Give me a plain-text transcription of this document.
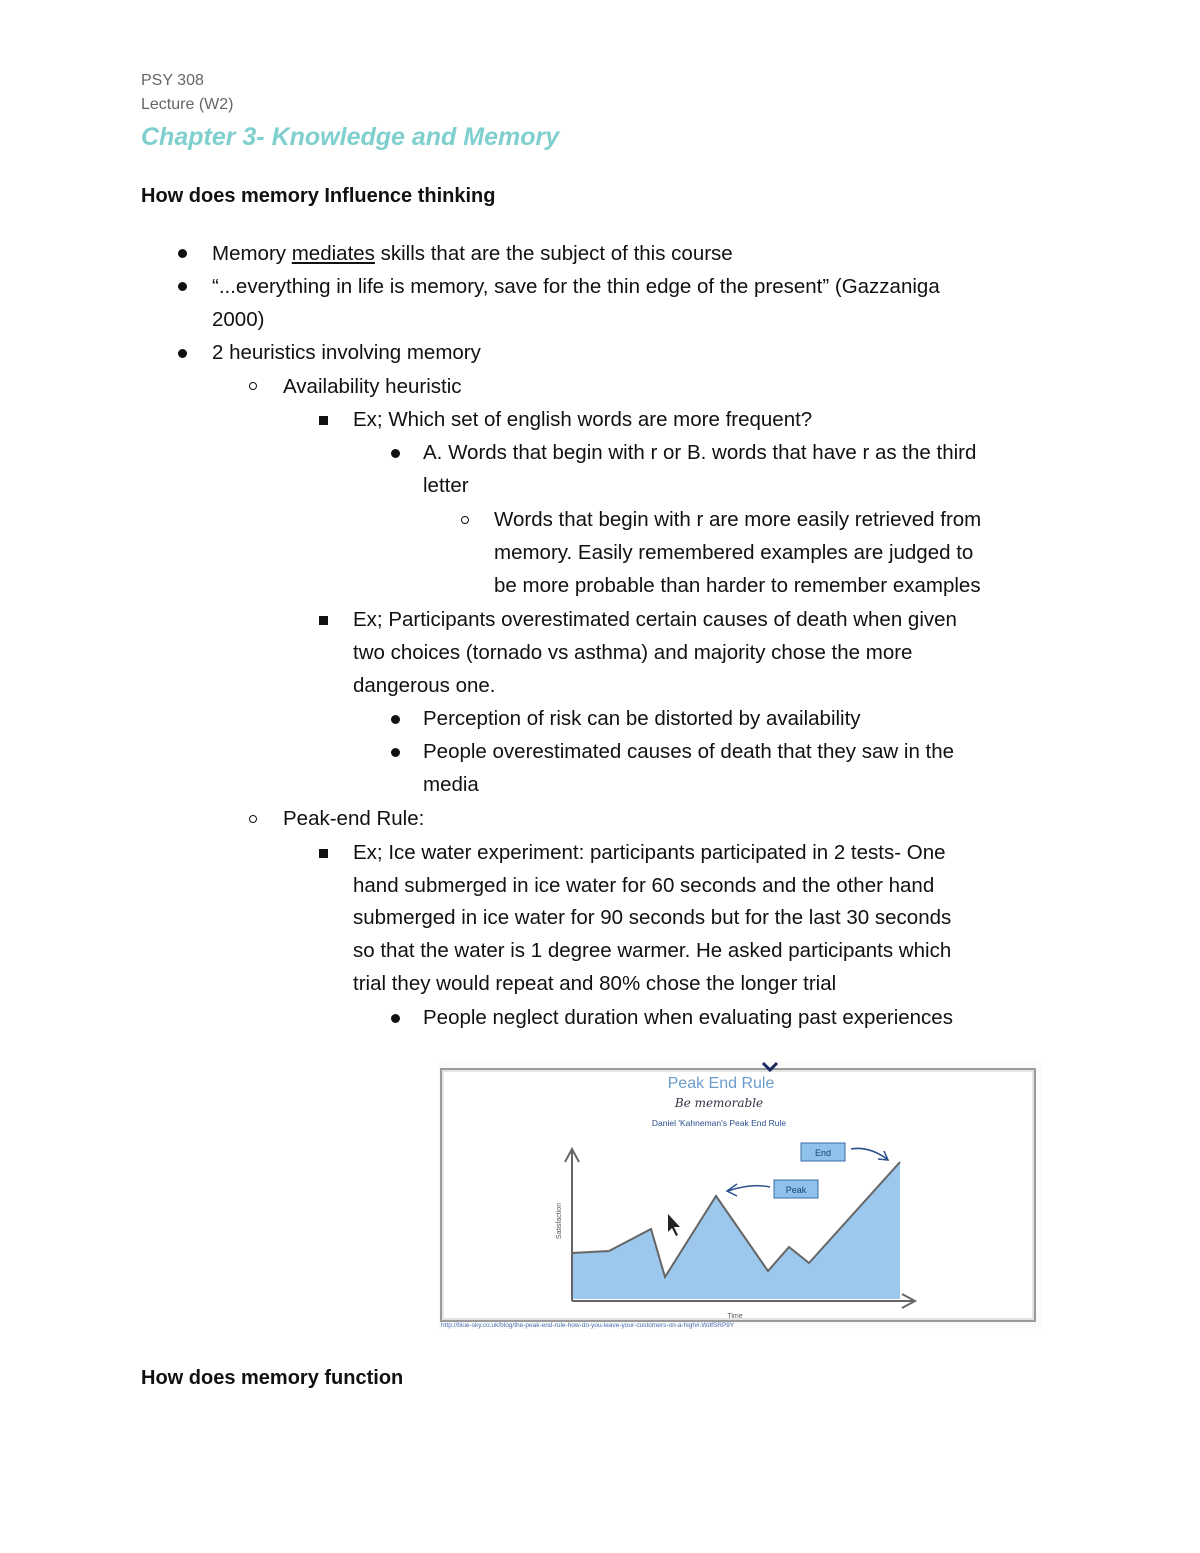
PSY 308
Lecture (W2)
Chapter 3- Knowledge and Memory
How does memory Influence thinking
Memory mediates skills that are the subject of this course
“...everything in life is memory, save for the thin edge of the present” (Gazzaniga
2000)
2 heuristics involving memory
Availability heuristic
Ex; Which set of english words are more frequent?
A. Words that begin with r or B. words that have r as the third
letter
Words that begin with r are more easily retrieved from
memory. Easily remembered examples are judged to
be more probable than harder to remember examples
Ex; Participants overestimated certain causes of death when given
two choices (tornado vs asthma) and majority chose the more
dangerous one.
Perception of risk can be distorted by availability
People overestimated causes of death that they saw in the
media
Peak-end Rule:
Ex; Ice water experiment: participants participated in 2 tests- One
hand submerged in ice water for 60 seconds and the other hand
submerged in ice water for 90 seconds but for the last 30 seconds
so that the water is 1 degree warmer. He asked participants which
trial they would repeat and 80% chose the longer trial
People neglect duration when evaluating past experiences
Peak End Rule
Be memorable
Daniel 'Kahneman's Peak End Rule
Satisfaction
Time
End
Peak
http://blue-sky.co.uk/blog/the-peak-end-rule-how-do-you-leave-your-customers-on-a-high#.WdfSRP9Y
How does memory function
